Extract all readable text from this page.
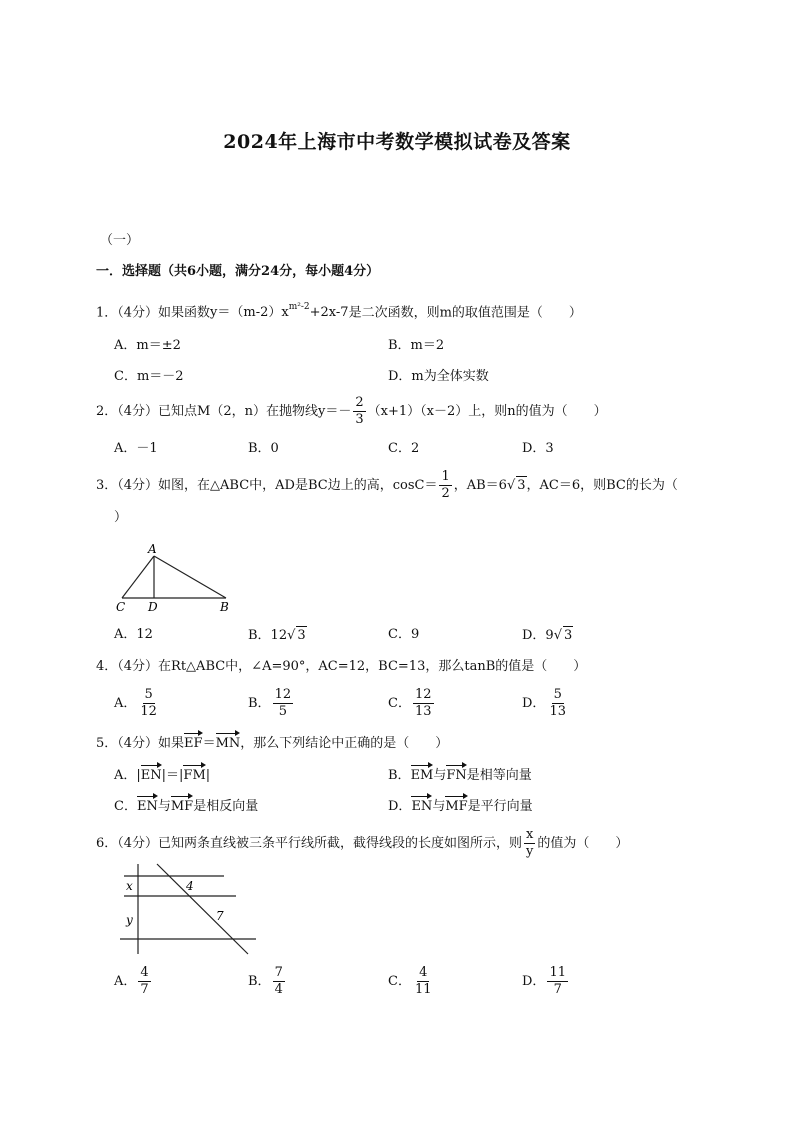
2024年上海市中考数学模拟试卷及答案
（一）
一．选择题（共6小题，满分24分，每小题4分）
1．（4分）如果函数$y=(m-2)x^{m^2-2}+2x-7$是二次函数，则m的取值范围是（　　）
A．m＝±2	B．m＝2
C．m＝－2	D．m为全体实数
2．（4分）已知点M（2，n）在抛物线$y=- \frac{2}{3} (x+1)(x-2)$上，则n的值为（　　）
A．－1	B．0	C．2	D．3
3．（4分）如图，在△ABC中，AD是BC边上的高，$\cos C= \frac{1}{2}$ ，AB＝6√ 3，AC＝6，则BC的长为（
）
A
C D	B
A．12	B．12√ 3	C．9	D．9√ 3
4．（4分）在Rt△ABC中，∠A=90°，AC=12，BC=13，那么tanB的值是（　　）
A． $\frac{5}{12}$	B． $\frac{12}{5}$	C． $\frac{12}{13}$	D． $\frac{5}{13}$
5．（4分）如果EF＝MN，那么下列结论中正确的是（　　）
A．|EN|＝|FM|	B．EM与FN是相等向量
C．EN与MF是相反向量	D．EN与MF是平行向量
6．（4分）已知两条直线被三条平行线所截，截得线段的长度如图所示，则 $\frac{x}{y}$ 的值为（　　）
x
y
4
7
A． $\frac{4}{7}$	B． $\frac{7}{4}$	C． $\frac{4}{11}$	D． $\frac{11}{7}$
